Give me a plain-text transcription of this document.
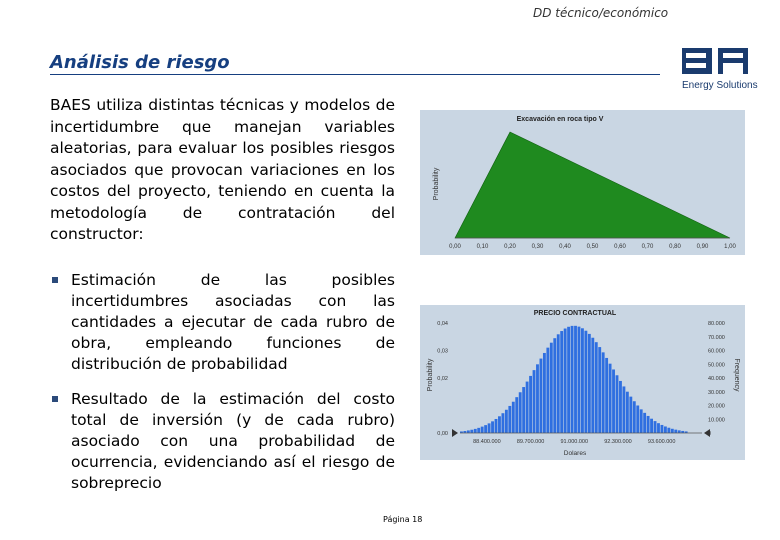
DD técnico/económico
Energy Solutions
Análisis de riesgo
BAES utiliza distintas técnicas y modelos de incertidumbre que manejan variables aleatorias, para evaluar los posibles riesgos asociados que provocan variaciones en los costos del proyecto, teniendo en cuenta la metodología de contratación del constructor:
Estimación de las posibles incertidumbres asociadas con las cantidades a ejecutar de cada rubro de obra, empleando funciones de distribución de probabilidad
Resultado de la estimación del costo total de inversión (y de cada rubro) asociado con una probabilidad de ocurrencia, evidenciando así el riesgo de sobreprecio
Excavación en roca tipo V
Probability
0,00	0,10	0,20	0,30	0,40	0,50	0,60	0,70	0,80	0,90	1,00
PRECIO CONTRACTUAL
Probability	Frequency
Dolares
88.400.000	89.700.000	91.000.000	92.300.000	93.600.000
0,00
0,02
0,03
0,04
0
10.000
20.000
30.000
40.000
50.000
60.000
70.000
80.000
Página 18
